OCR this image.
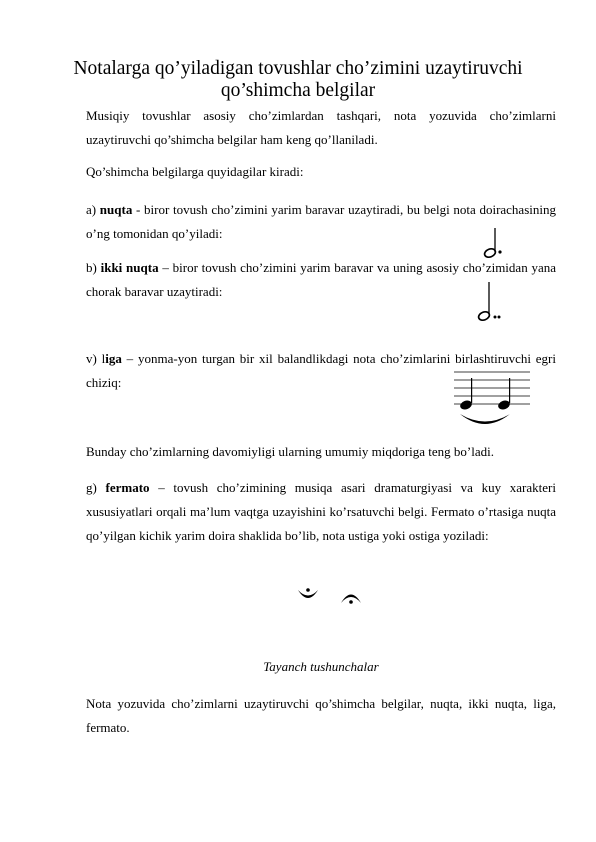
Notalarga qo’yiladigan tovushlar cho’zimini uzaytiruvchi qo’shimcha belgilar
Musiqiy tovushlar asosiy cho’zimlardan tashqari, nota yozuvida cho’zimlarni uzaytiruvchi qo’shimcha belgilar ham keng qo’llaniladi.
Qo’shimcha belgilarga quyidagilar kiradi:
a) nuqta - biror tovush cho’zimini yarim baravar uzaytiradi, bu belgi nota doirachasining o’ng tomonidan qo’yiladi:
b) ikki nuqta – biror tovush cho’zimini yarim baravar va uning asosiy cho’zimidan yana chorak baravar uzaytiradi:
v) liga – yonma-yon turgan bir xil balandlikdagi nota cho’zimlarini birlashtiruvchi egri chiziq:
Bunday cho’zimlarning davomiyligi ularning umumiy miqdoriga teng bo’ladi.
g) fermato – tovush cho’zimining musiqa asari dramaturgiyasi va kuy xarakteri xususiyatlari orqali ma’lum vaqtga uzayishini ko’rsatuvchi belgi. Fermato o’rtasiga nuqta qo’yilgan kichik yarim doira shaklida bo’lib, nota ustiga yoki ostiga yoziladi:
Tayanch tushunchalar
Nota yozuvida cho’zimlarni uzaytiruvchi qo’shimcha belgilar, nuqta, ikki nuqta, liga, fermato.
